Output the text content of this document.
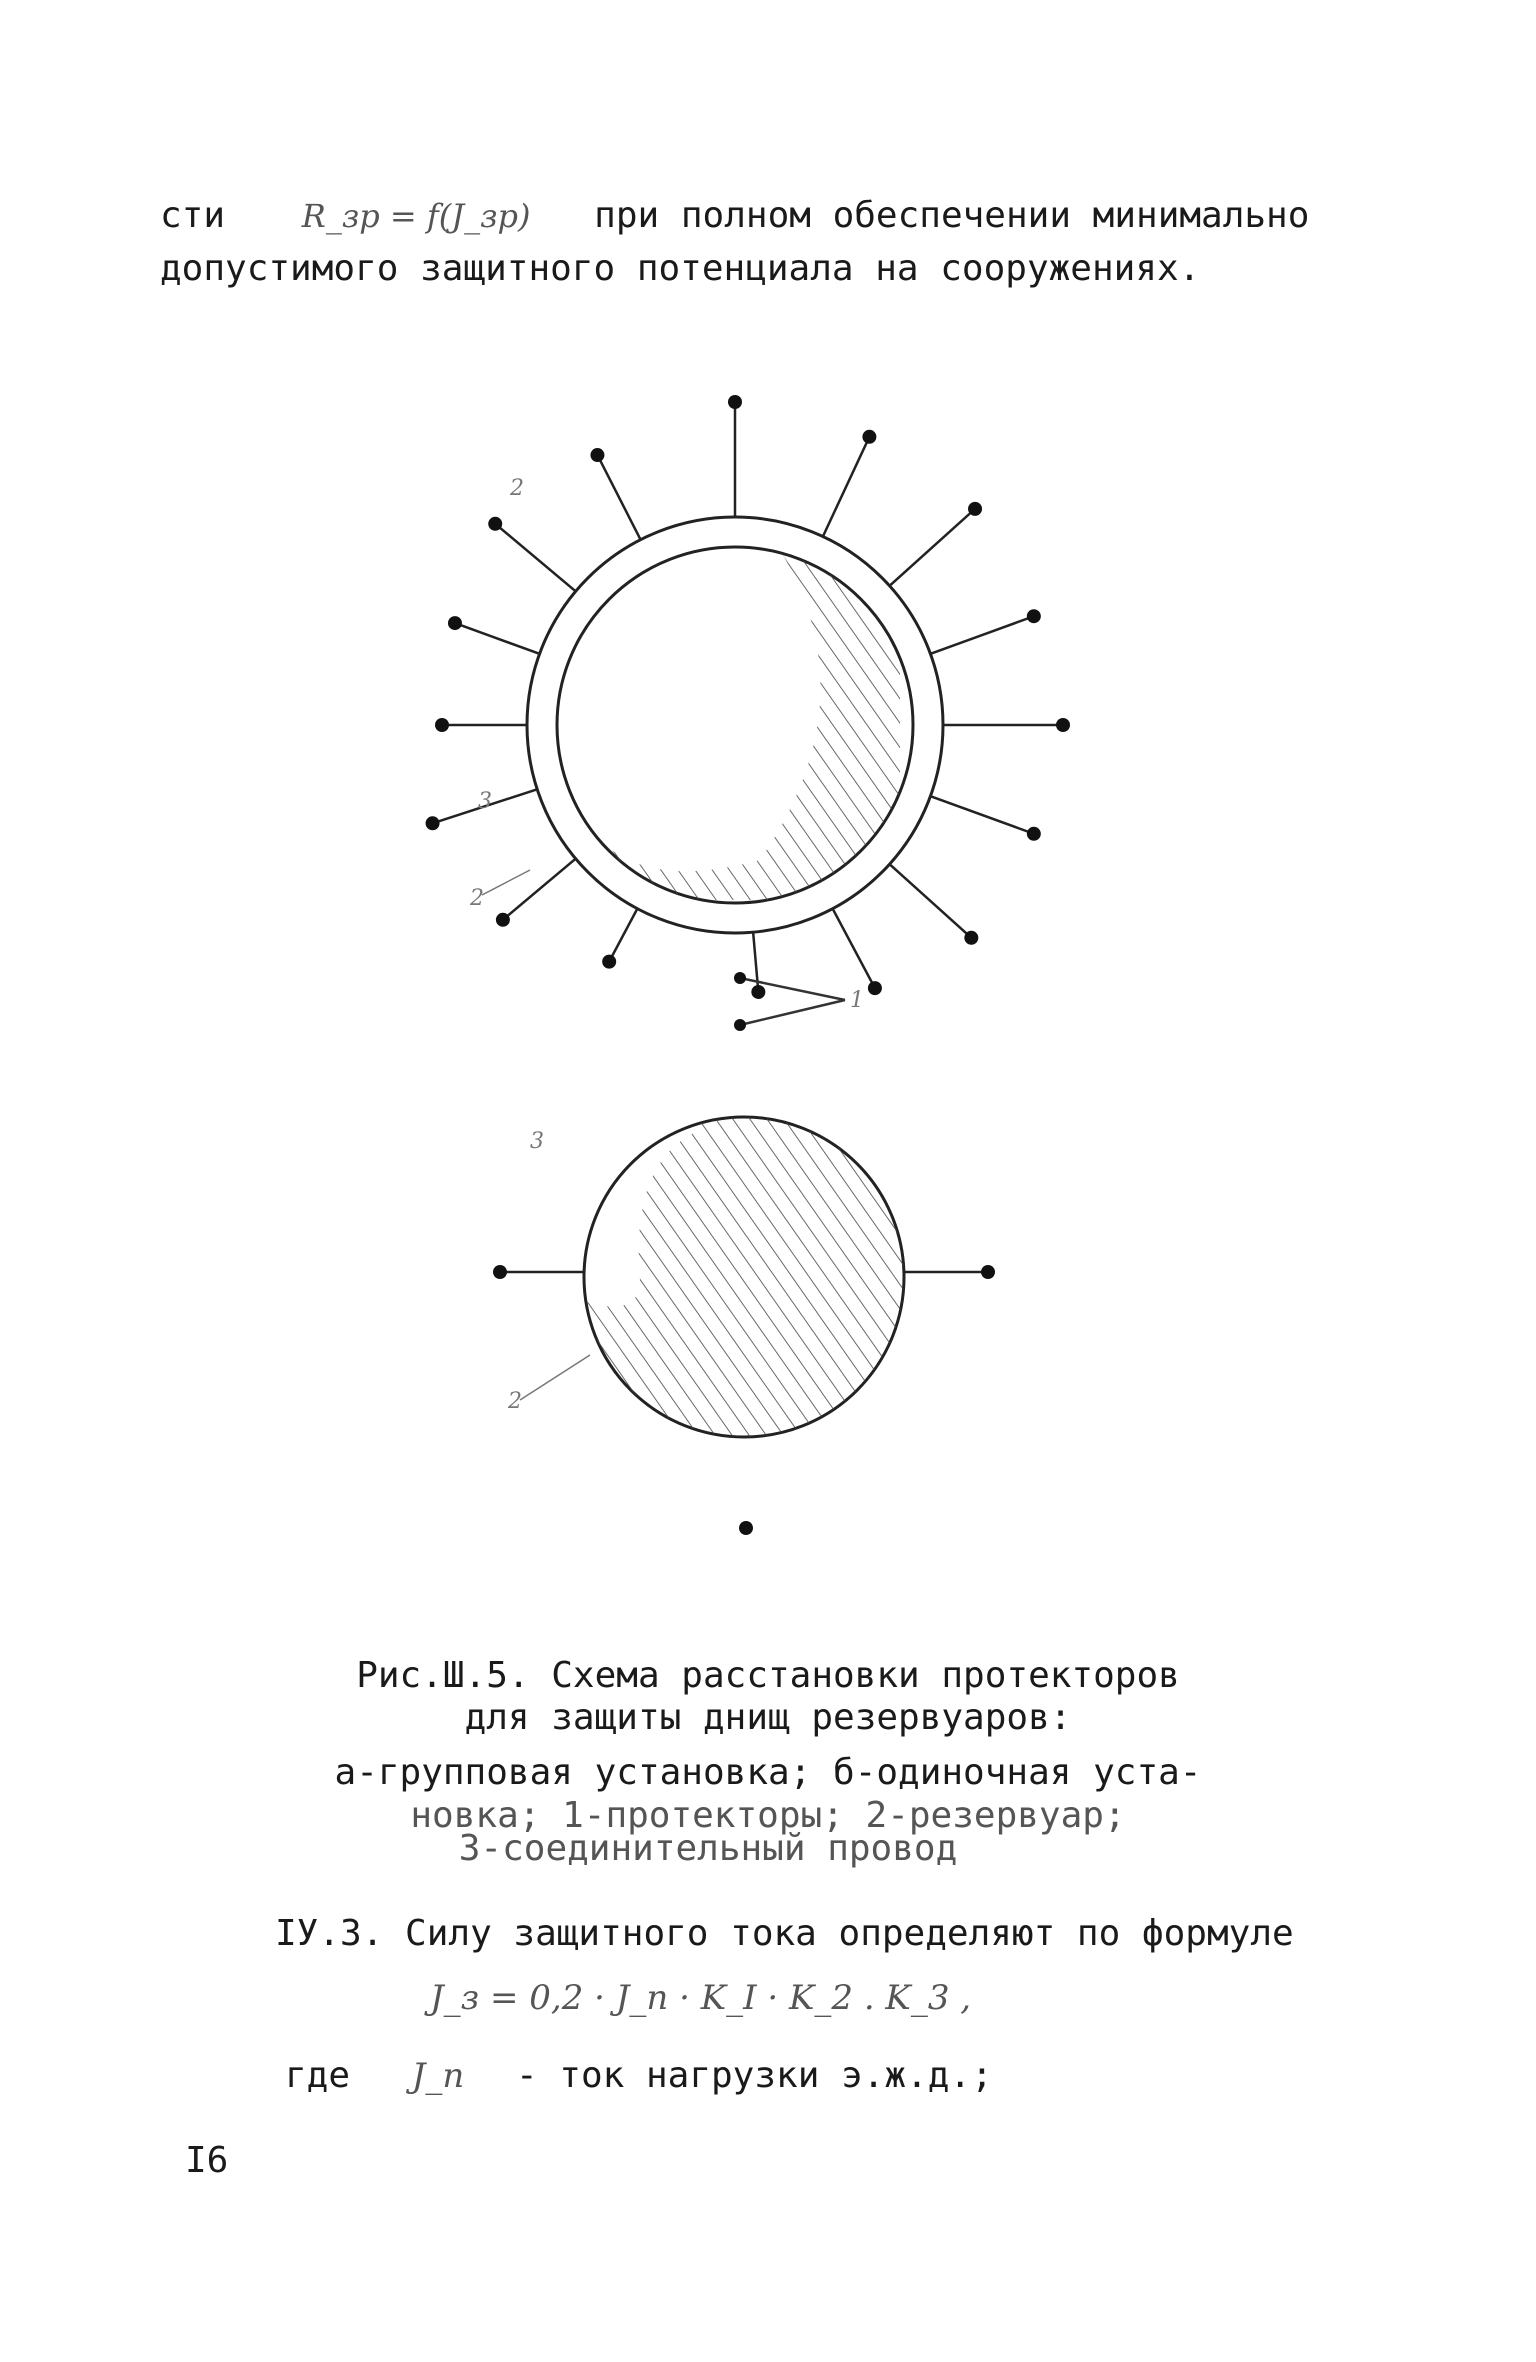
сти R_зр = f(J_зр) при полном обеспечении минимально
допустимого защитного потенциала на сооружениях.
2
3
2
1
3
2
Рис.Ш.5. Схема расстановки протекторов
для защиты днищ резервуаров:
а-групповая установка; б-одиночная уста-
новка; 1-протекторы; 2-резервуар;
3-соединительный провод
IУ.3. Силу защитного тока определяют по формуле
J_з = 0,2 · J_n · K_I · K_2 . K_3 ,
где J_n - ток нагрузки э.ж.д.;
I6
